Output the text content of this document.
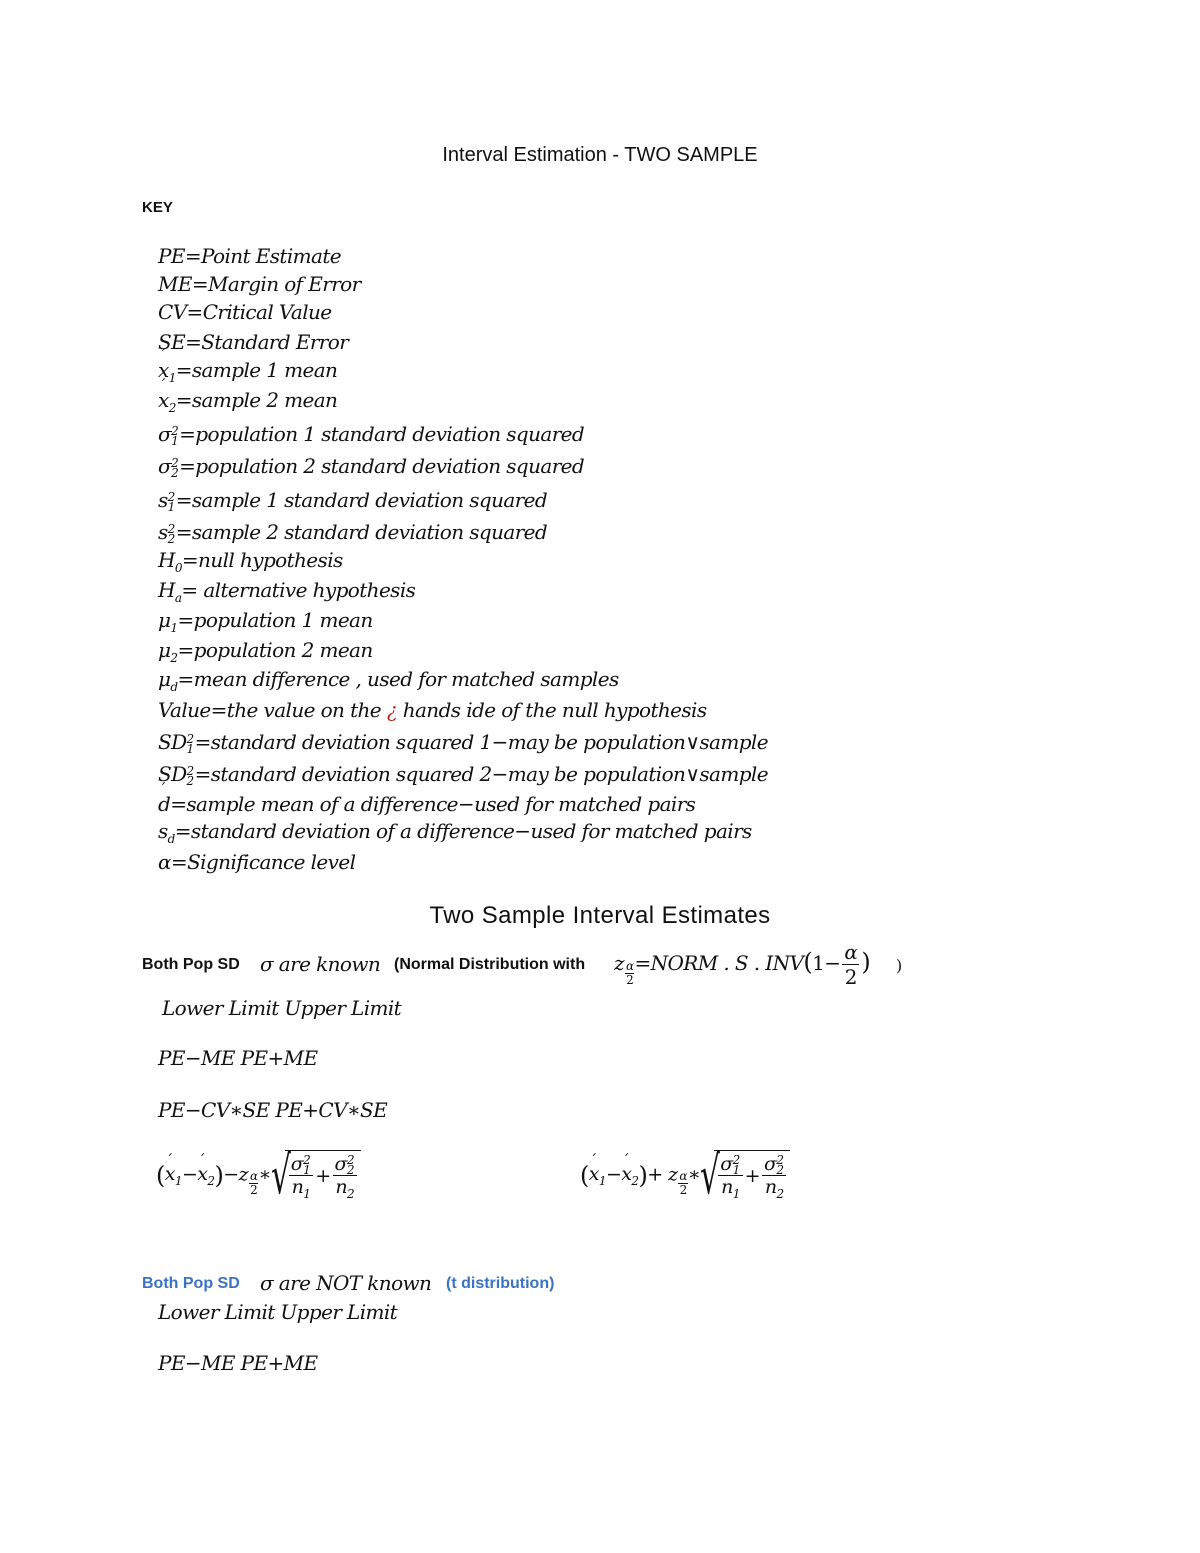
Interval Estimation - TWO SAMPLE
KEY
PE=Point Estimate
ME=Margin of Error
CV=Critical Value
SE=Standard Error
´ $x_1=sample$ 1 mean
´ $x_2=sample$ 2 mean
σ 2
1 =population 1 standard deviation squared
σ 2
2 =population 2 standard deviation squared
s 2
1 =sample 1 standard deviation squared
s 2
2 =sample 2 standard deviation squared
$H_0=null$ hypothesis
$H_a=$ alternative hypothesis
$\mu_1=population$ 1 mean
$\mu_2=population$ 2 mean
$\mu_d=mean$ difference , used for matched samples
Value=the value on the ¿ hands ide of the null hypothesis
SD 2
1 =standard deviation squared 1−may be population∨sample
SD 2
2 =standard deviation squared 2−may be population∨sample
´ d=sample mean of a difference−used for matched pairs
$s_d=standard$ deviation of a difference−used for matched pairs
α=Significance level
Two Sample Interval Estimates
Both Pop SD σ are known (Normal Distribution with z $\frac{\alpha}{2}$ =NORM . S . $INV(1- \frac{\alpha}{2}$ ) )
Lower Limit Upper Limit
PE−ME PE+ME
PE−CV∗SE PE+CV∗SE
(´ $x_1-´$ $x_2)-z \frac{\alpha}{2}$ ∗ √
σ 2
1
$n_1 + \sigma$ 2
2
$n_2$	(´ $x_1-´$ $x_2)+ z \frac{\alpha}{2}$ ∗ √
σ 2
1
$n_1 + \sigma$ 2
2
$n_2$
Both Pop SD σ are NOT known (t distribution)
Lower Limit Upper Limit
PE−ME PE+ME
